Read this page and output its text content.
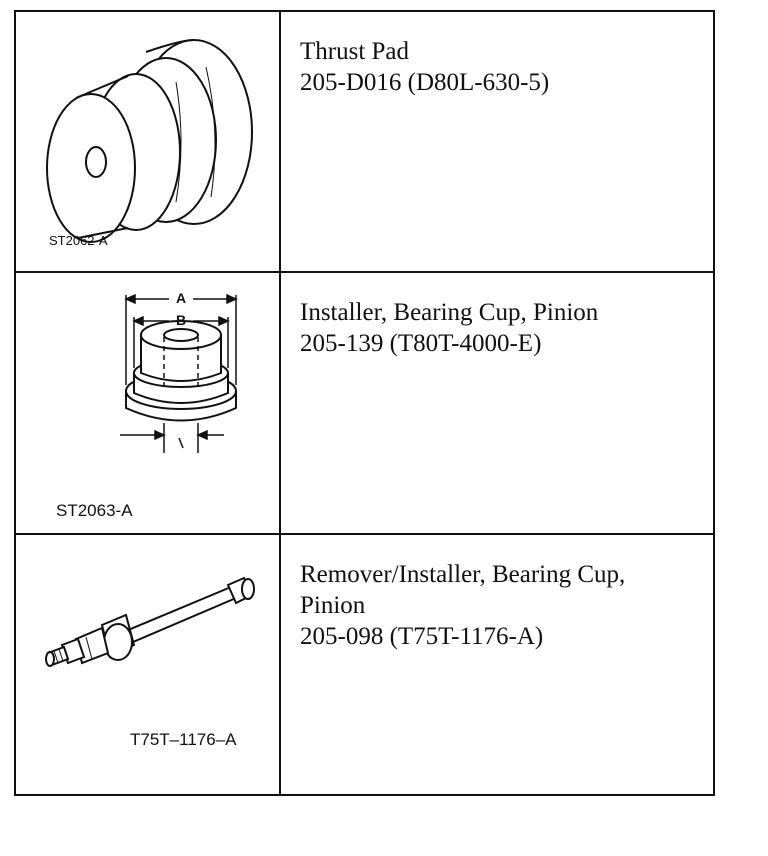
ST2062-A
Thrust Pad
205-D016 (D80L-630-5)
A
B
ST2063-A
Installer, Bearing Cup, Pinion
205-139 (T80T-4000-E)
T75T–1176–A
Remover/Installer, Bearing Cup,
Pinion
205-098 (T75T-1176-A)
